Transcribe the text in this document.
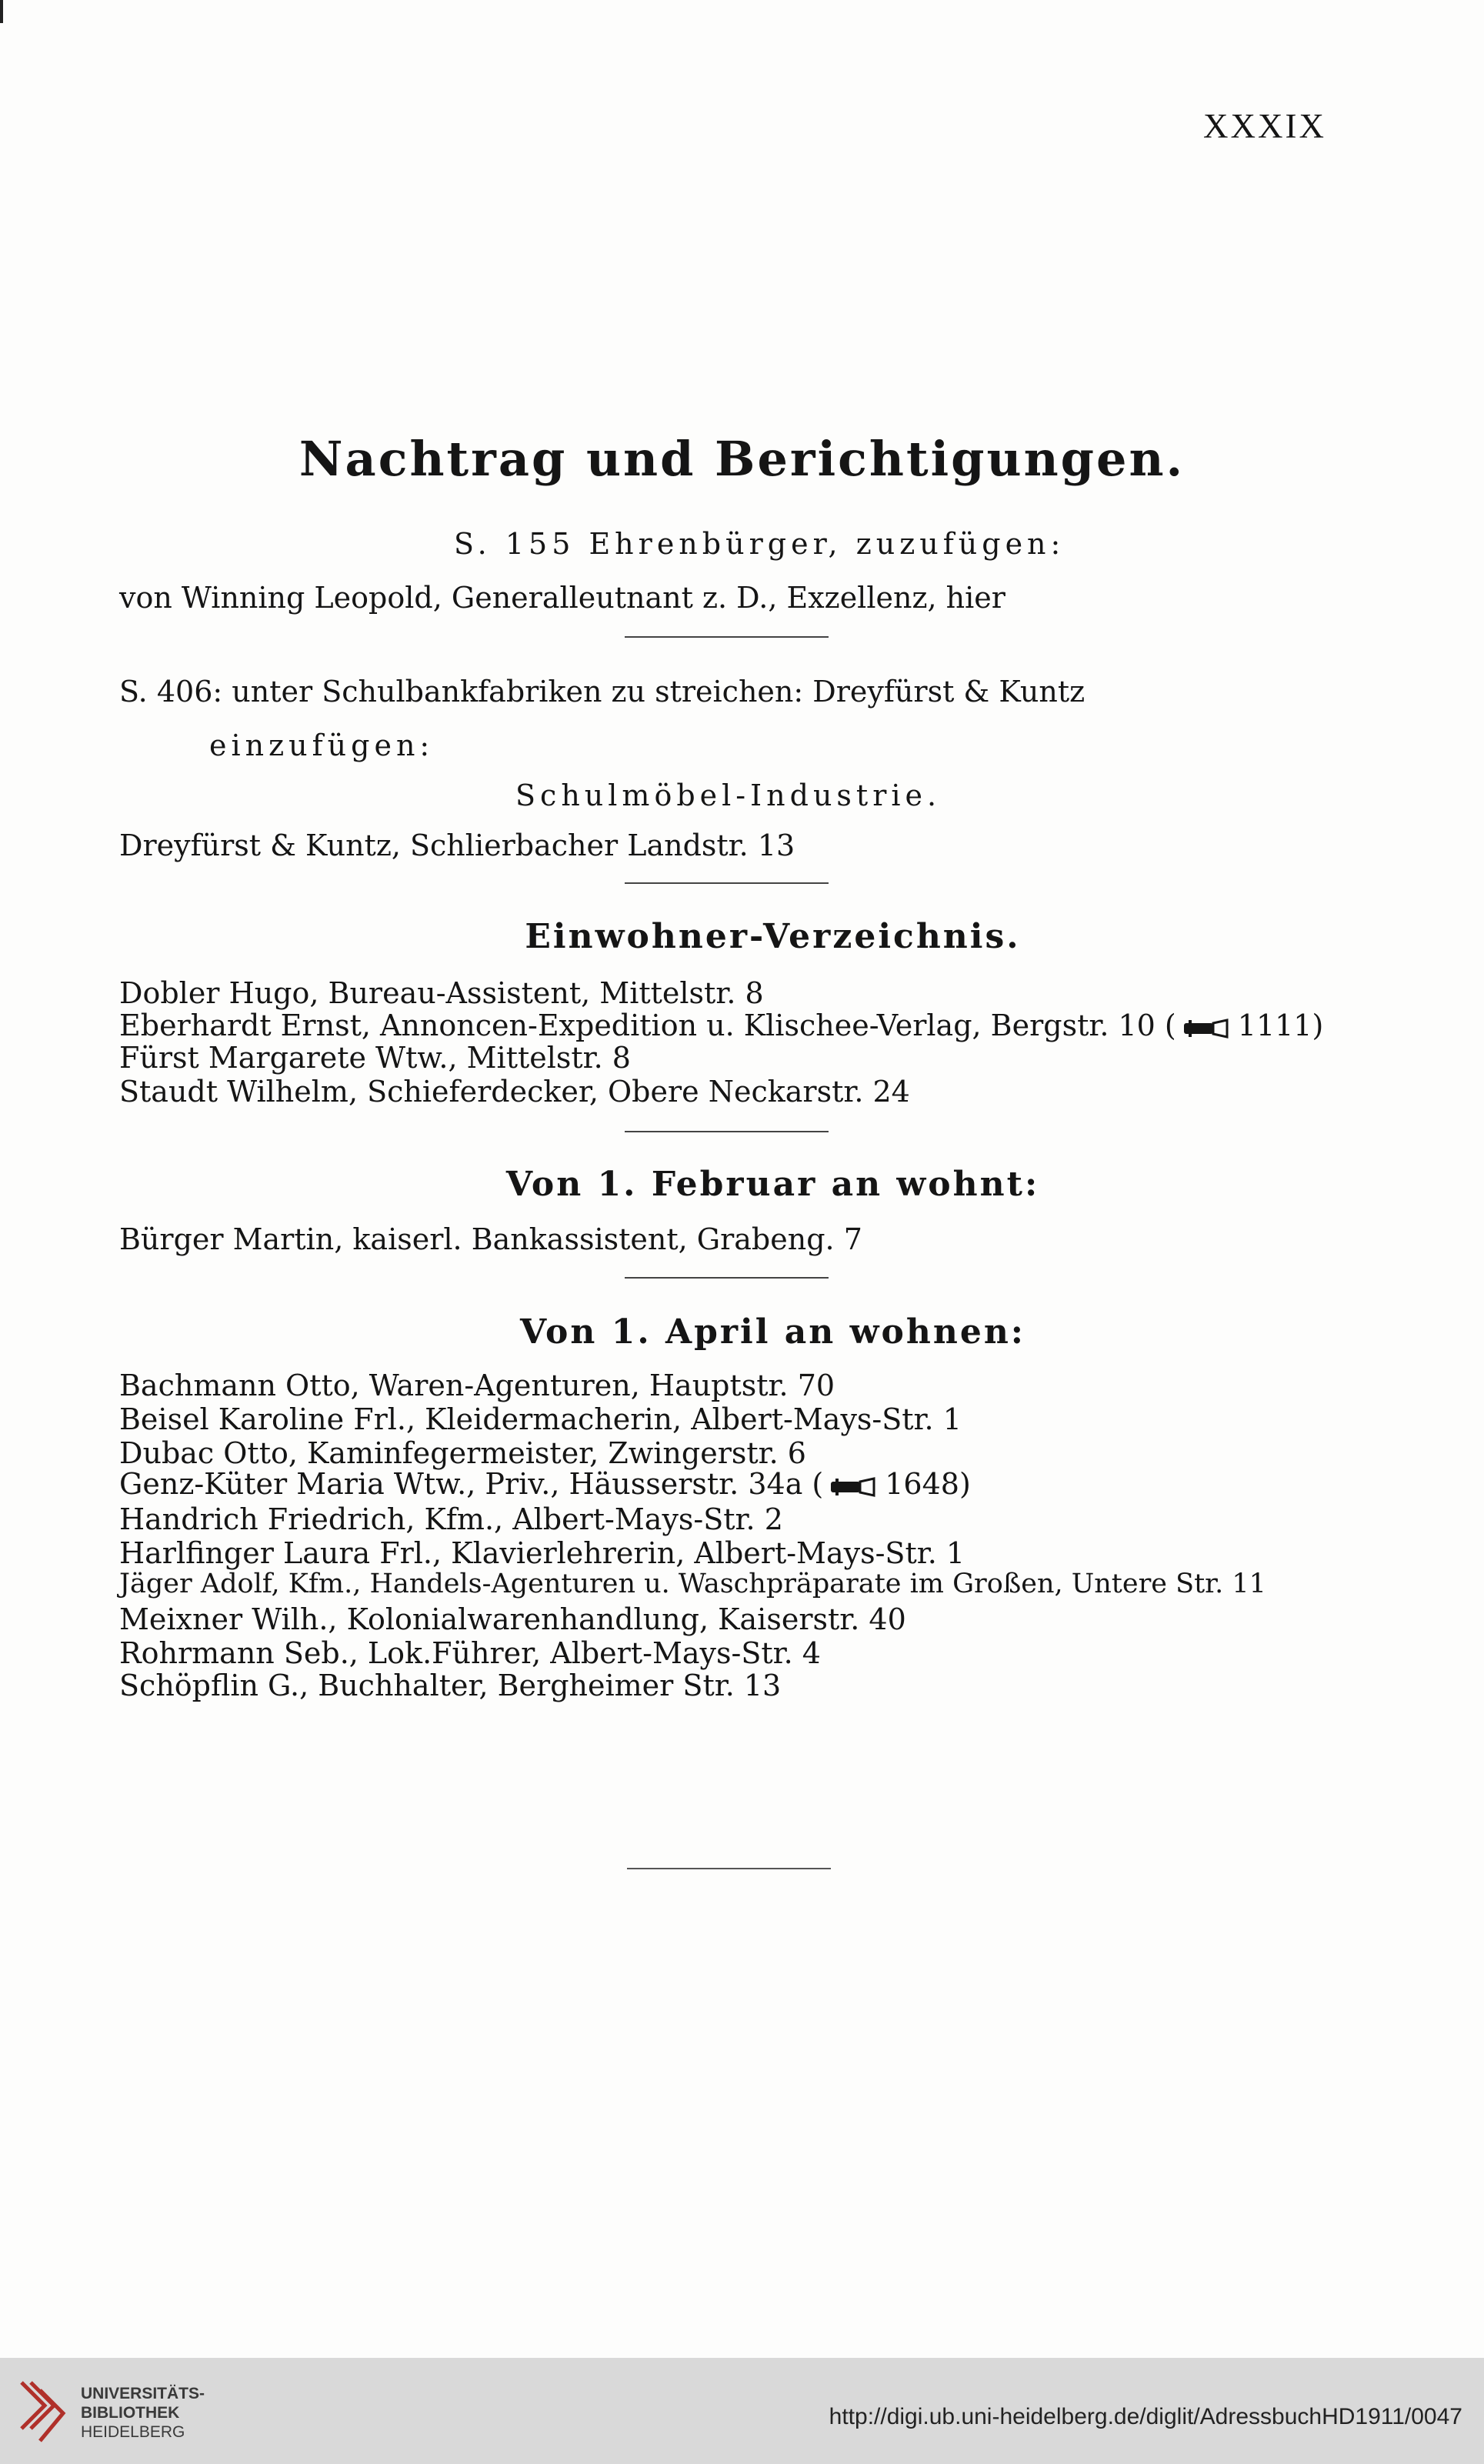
XXXIX
Nachtrag und Berichtigungen.
S. 155 Ehrenbürger, zuzufügen:
von Winning Leopold, Generalleutnant z. D., Exzellenz, hier
S. 406: unter Schulbankfabriken zu streichen: Dreyfürst & Kuntz
einzufügen:
Schulmöbel-Industrie.
Dreyfürst & Kuntz, Schlierbacher Landstr. 13
Einwohner-Verzeichnis.
Dobler Hugo, Bureau-Assistent, Mittelstr. 8
Eberhardt Ernst, Annoncen-Expedition u. Klischee-Verlag, Bergstr. 10 ( 1111)
Fürst Margarete Wtw., Mittelstr. 8
Staudt Wilhelm, Schieferdecker, Obere Neckarstr. 24
Von 1. Februar an wohnt:
Bürger Martin, kaiserl. Bankassistent, Grabeng. 7
Von 1. April an wohnen:
Bachmann Otto, Waren-Agenturen, Hauptstr. 70
Beisel Karoline Frl., Kleidermacherin, Albert-Mays-Str. 1
Dubac Otto, Kaminfegermeister, Zwingerstr. 6
Genz-Küter Maria Wtw., Priv., Häusserstr. 34a ( 1648)
Handrich Friedrich, Kfm., Albert-Mays-Str. 2
Harlfinger Laura Frl., Klavierlehrerin, Albert-Mays-Str. 1
Jäger Adolf, Kfm., Handels-Agenturen u. Waschpräparate im Großen, Untere Str. 11
Meixner Wilh., Kolonialwarenhandlung, Kaiserstr. 40
Rohrmann Seb., Lok.Führer, Albert-Mays-Str. 4
Schöpflin G., Buchhalter, Bergheimer Str. 13
UNIVERSITÄTS-
BIBLIOTHEK
HEIDELBERG
http://digi.ub.uni-heidelberg.de/diglit/AdressbuchHD1911/0047
